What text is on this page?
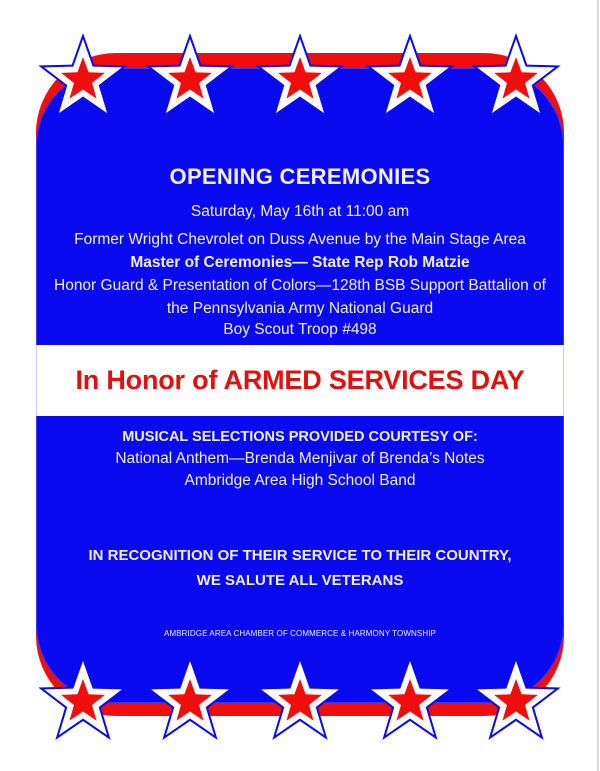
OPENING CEREMONIES
Saturday, May 16th at 11:00 am
Former Wright Chevrolet on Duss Avenue by the Main Stage Area
Master of Ceremonies— State Rep Rob Matzie
Honor Guard & Presentation of Colors—128th BSB Support Battalion of
the Pennsylvania Army National Guard
Boy Scout Troop #498
In Honor of ARMED SERVICES DAY
MUSICAL SELECTIONS PROVIDED COURTESY OF:
National Anthem—Brenda Menjivar of Brenda’s Notes
Ambridge Area High School Band
IN RECOGNITION OF THEIR SERVICE TO THEIR COUNTRY,
WE SALUTE ALL VETERANS
AMBRIDGE AREA CHAMBER OF COMMERCE & HARMONY TOWNSHIP
